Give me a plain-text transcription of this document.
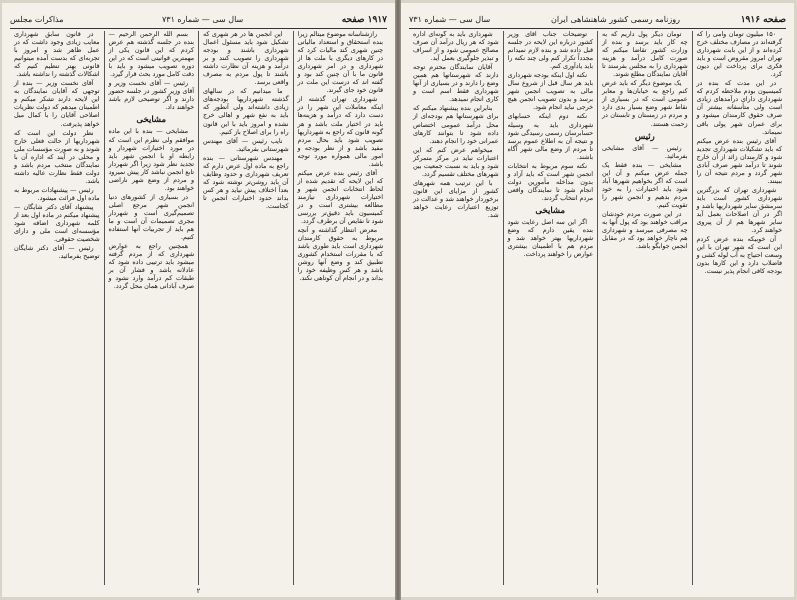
۱۹۱۷ صفحه
سال سی — شماره ۷۳۱
مذاکرات مجلس

رازشناسانه موضوع میتالم زیرا بنده استحقاق و استعداد مالیاتی چنین شهری کند مالیات کرد که در کارهای دیگری با ملت ها از شهرداری و در امر شهرداری قانون ما با آن چنین کند بود و گفته اند که درست این ملت در قانون خود جای گیرند.

شهرداری تهران گذشته از اینکه معاملات این شهر را در دست دارد که درآمد و هزینه‌ها باید در اختیار ملت باشد و هر گونه قانون که راجع به شهرداریها تصویب شود باید بحال مردم مفید باشد و از نظر بودجه و امور مالی همواره مورد توجه باشد.

آقای رئیس بنده عرض میکنم که این لایحه که تقدیم شده از لحاظ انتخابات انجمن شهر و اختیارات شهرداری نیازمند مطالعه بیشتری است و در کمیسیون باید دقیق‌تر بررسی شود تا نقایص آن برطرف گردد.

معرض انتظار گذاشته و آنچه مربوط به حقوق کارمندان شهرداری است باید طوری باشد که با مقررات استخدام کشوری تطبیق کند و وضع آنها روشن باشد و هر کس وظیفه خود را بداند و در انجام آن کوتاهی نکند.

این انجمن ها در هر شهری که تشکیل شود باید مسئول اعمال شهرداری باشند و بودجه شهرداری را تصویب کنند و بر درآمد و هزینه آن نظارت داشته باشند تا پول مردم به مصرف واقعی برسد.

ما میدانیم که در سالهای گذشته شهرداریها بودجه‌های زیادی داشته‌اند ولی آنطور که باید به نفع شهر و اهالی خرج نشده و امروز باید با این قانون راه را برای اصلاح باز کنیم.

نایب رئیس — آقای مهندس شهرستانی بفرمائید.

مهندس شهرستانی — بنده راجع به ماده اول عرض دارم که تعریف شهرداری و حدود وظایف آن باید روشن‌تر نوشته شود که بعداً اختلاف پیش نیاید و هر کس بداند حدود اختیارات انجمن تا کجاست.

بسم الله الرحمن الرحیم — بنده در جلسه گذشته هم عرض کردم که این قانون یکی از مهمترین قوانینی است که در این دوره تصویب میشود و باید با دقت کامل مورد بحث قرار گیرد.

رئیس — آقای نخست وزیر و آقای وزیر کشور در جلسه حضور دارند و اگر توضیحی لازم باشد خواهند داد.

مشایخی

مشایخی — بنده با این ماده موافقم ولی نظرم این است که در مورد اختیارات شهردار و رابطه او با انجمن شهر باید تجدید نظر شود زیرا اگر شهردار تابع انجمن نباشد کار پیش نمیرود و مردم از وضع شهر ناراضی خواهند بود.

در بسیاری از کشورهای دنیا انجمن شهر مرجع اصلی تصمیم‌گیری است و شهردار مجری تصمیمات آن است و ما هم باید از تجربیات آنها استفاده کنیم.

همچنین راجع به عوارض شهرداری که از مردم گرفته میشود باید ترتیبی داده شود که عادلانه باشد و فشار آن بر طبقات کم درآمد وارد نشود و صرف آبادانی همان محل گردد.

در قانون سابق شهرداری معایب زیادی وجود داشت که در عمل ظاهر شد و امروز با تجربه‌ای که بدست آمده میتوانیم قانونی بهتر تنظیم کنیم که اشکالات گذشته را نداشته باشد.

آقای نخست وزیر — بنده از توجهی که آقایان نمایندگان به این لایحه دارند تشکر میکنم و اطمینان میدهم که دولت نظریات اصلاحی آقایان را با کمال میل خواهد پذیرفت.

نظر دولت این است که شهرداریها از حالت فعلی خارج شوند و به صورت مؤسسات ملی و محلی در آیند که اداره آن با نمایندگان منتخب مردم باشد و دولت فقط نظارت عالیه داشته باشد.

رئیس — پیشنهادات مربوط به ماده اول قرائت میشود.

پیشنهاد آقای دکتر شایگان — پیشنهاد میکنم در ماده اول بعد از کلمه شهرداری اضافه شود مؤسسه‌ای است ملی و دارای شخصیت حقوقی.

رئیس — آقای دکتر شایگان توضیح بفرمائید.

۲
صفحه ۱۹۱۶
روزنامه رسمی کشور شاهنشاهی ایران
سال سی — شماره ۷۳۱

۱۵۰ میلیون تومان وامی را که گرفته‌اند در مصارف مختلف خرج کرده‌اند و از این بابت شهرداری تهران امروز مقروض است و باید فکری برای پرداخت این دیون کرد.

در این مدت که بنده در کمیسیون بودم ملاحظه کردم که شهرداری دارای درآمدهای زیادی است ولی متأسفانه بیشتر آن صرف حقوق کارمندان میشود و برای عمران شهر پولی باقی نمیماند.

آقای رئیس بنده عرض میکنم که باید تشکیلات شهرداری تجدید شود و کارمندان زائد از آن خارج شوند تا درآمد شهر صرف آبادی شهر گردد و مردم نتیجه آن را ببینند.

شهرداری تهران که بزرگترین شهرداری کشور است باید سرمشق سایر شهرداریها باشد و اگر در آن اصلاحات بعمل آید سایر شهرها هم از آن پیروی خواهند کرد.

آن خوبیکه بنده عرض کردم این است که شهر تهران با این وسعت احتیاج به آب لوله کشی و فاضلاب دارد و این کارها بدون بودجه کافی انجام پذیر نیست.

تومان دیگر پول داریم که به چه کار باید برسد و بنده از وزارت کشور تقاضا میکنم که صورت کامل درآمد و هزینه شهرداری را به مجلس بفرستد تا آقایان نمایندگان مطلع شوند.

یک موضوع دیگر که باید عرض کنم راجع به خیابان‌ها و معابر عمومی است که در بسیاری از نقاط شهر وضع بسیار بدی دارد و مردم در زمستان و تابستان در زحمت هستند.

رئیس

رئیس — آقای مشایخی بفرمائید.

مشایخی — بنده فقط یک جمله عرض میکنم و آن این است که اگر بخواهیم شهرها آباد شود باید اختیارات را به خود مردم بدهیم و انجمن شهر را تقویت کنیم.

در این صورت مردم خودشان مراقب خواهند بود که پول آنها به چه مصرفی میرسد و شهرداری هم ناچار خواهد بود که در مقابل انجمن جوابگو باشد.

توضیحات جناب آقای وزیر کشور درباره این لایحه در جلسه قبل داده شد و بنده لازم نمیدانم مجدداً تکرار کنم ولی چند نکته را باید یادآوری کنم.

نکته اول اینکه بودجه شهرداری باید هر سال قبل از شروع سال مالی به تصویب انجمن شهر برسد و بدون تصویب انجمن هیچ خرجی نباید انجام شود.

نکته دوم اینکه حسابهای شهرداری باید به وسیله حسابرسان رسمی رسیدگی شود و نتیجه آن به اطلاع عموم برسد تا مردم از وضع مالی شهر آگاه باشند.

نکته سوم مربوط به انتخابات انجمن شهر است که باید آزاد و بدون مداخله مأمورین دولت انجام شود تا نمایندگان واقعی مردم انتخاب گردند.

مشایخی

اگر این سه اصل رعایت شود بنده یقین دارم که وضع شهرداریها بهتر خواهد شد و مردم هم با اطمینان بیشتری عوارض را خواهند پرداخت.

شهرداری باید به گونه‌ای اداره شود که هر ریال درآمد آن صرف مصالح عمومی شود و از اسراف و تبذیر جلوگیری بعمل آید.

آقایان نمایندگان محترم توجه دارند که شهرستانها هم همین وضع را دارند و در بسیاری از آنها شهرداری فقط اسم است و کاری انجام نمیدهد.

بنابراین بنده پیشنهاد میکنم که برای شهرستانها هم بودجه‌ای از محل درآمد عمومی اختصاص داده شود تا بتوانند کارهای عمرانی خود را انجام دهند.

میخواهم عرض کنم که این اعتبارات نباید در مرکز متمرکز شود و باید به نسبت جمعیت بین شهرهای مختلف تقسیم گردد.

با این ترتیب همه شهرهای کشور از مزایای این قانون برخوردار خواهند شد و عدالت در توزیع اعتبارات رعایت خواهد شد.

۱
